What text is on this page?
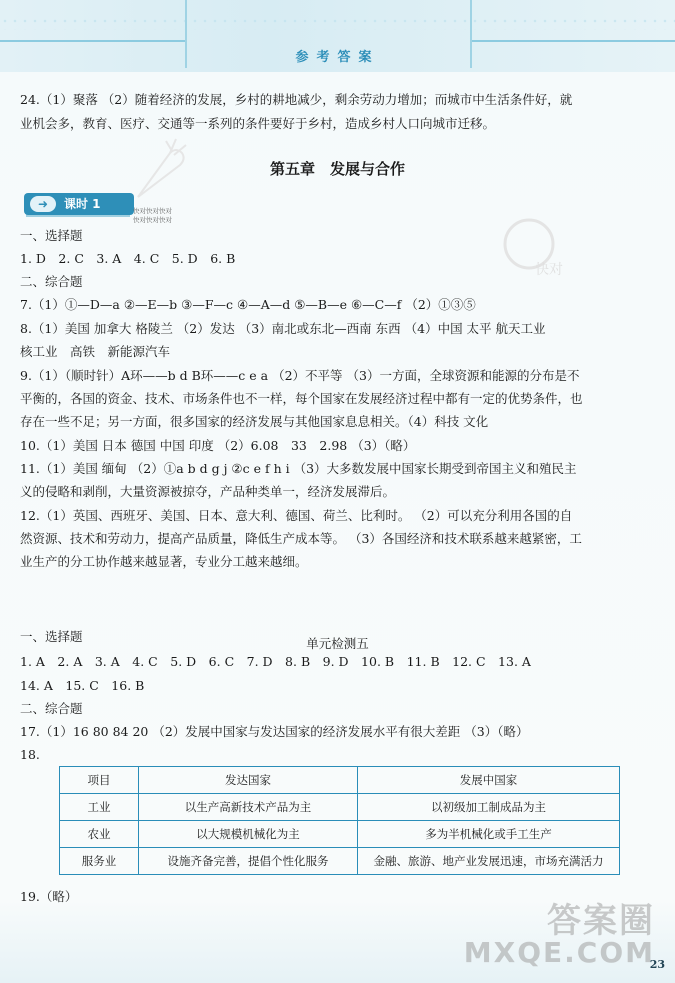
参考答案
24.（1）聚落 （2）随着经济的发展，乡村的耕地减少，剩余劳动力增加；而城市中生活条件好，就
业机会多，教育、医疗、交通等一系列的条件要好于乡村，造成乡村人口向城市迁移。
第五章　发展与合作
➜	课时 1	快对快对快对
快对快对快对
快对
一、选择题
1. D　2. C　3. A　4. C　5. D　6. B
二、综合题
7.（1）①—D—a ②—E—b ③—F—c ④—A—d ⑤—B—e ⑥—C—f （2）①③⑤
8.（1）美国 加拿大 格陵兰 （2）发达 （3）南北或东北—西南 东西 （4）中国 太平 航天工业
核工业　高铁　新能源汽车
9.（1）（顺时针）A环——b d B环——c e a （2）不平等 （3）一方面，全球资源和能源的分布是不
平衡的，各国的资金、技术、市场条件也不一样，每个国家在发展经济过程中都有一定的优势条件，也
存在一些不足；另一方面，很多国家的经济发展与其他国家息息相关。（4）科技 文化
10.（1）美国 日本 德国 中国 印度 （2）6.08　33　2.98 （3）（略）
11.（1）美国 缅甸 （2）①a b d g j ②c e f h i （3）大多数发展中国家长期受到帝国主义和殖民主
义的侵略和剥削，大量资源被掠夺，产品种类单一，经济发展滞后。
12.（1）英国、西班牙、美国、日本、意大利、德国、荷兰、比利时。 （2）可以充分利用各国的自
然资源、技术和劳动力，提高产品质量，降低生产成本等。 （3）各国经济和技术联系越来越紧密，工
业生产的分工协作越来越显著，专业分工越来越细。
单元检测五
一、选择题
1. A　2. A　3. A　4. C　5. D　6. C　7. D　8. B　9. D　10. B　11. B　12. C　13. A
14. A　15. C　16. B
二、综合题
17.（1）16 80 84 20 （2）发展中国家与发达国家的经济发展水平有很大差距 （3）（略）
18.
项目	发达国家	发展中国家
工业	以生产高新技术产品为主	以初级加工制成品为主
农业	以大规模机械化为主	多为半机械化或手工生产
服务业	设施齐备完善，提倡个性化服务	金融、旅游、地产业发展迅速，市场充满活力
19.（略）
答案圈
MXQE.COM
23
